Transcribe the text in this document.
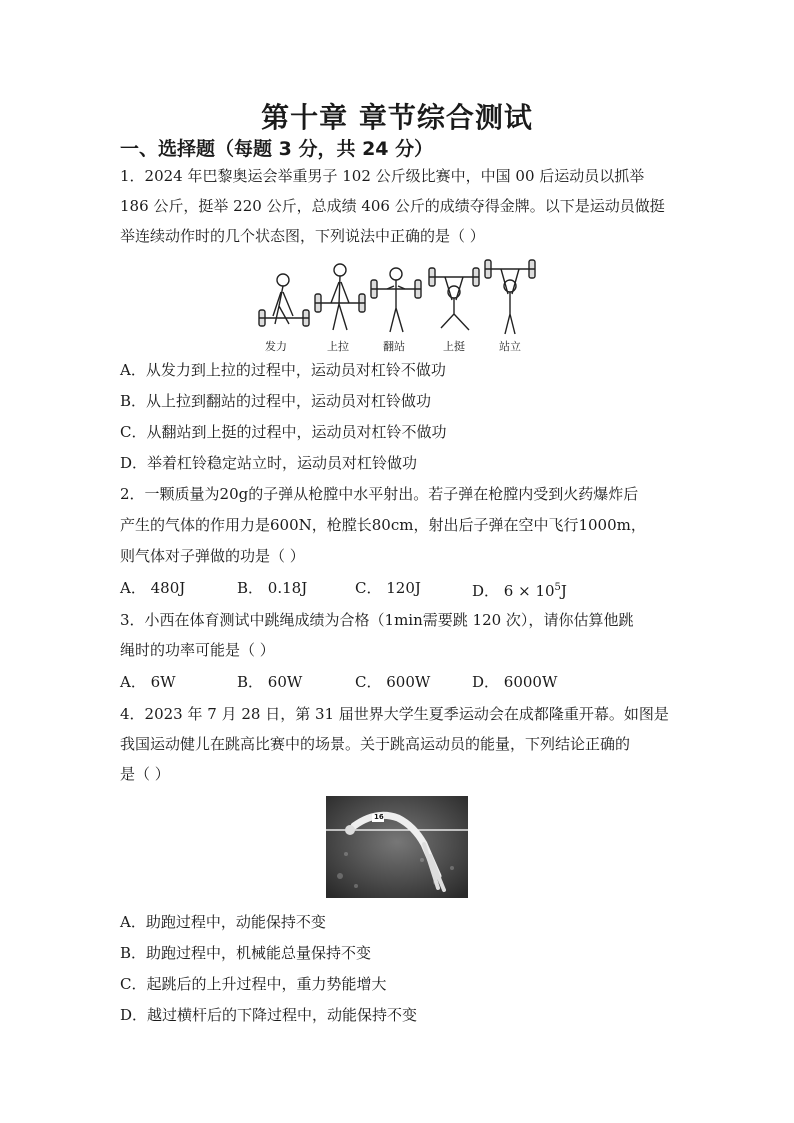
第十章 章节综合测试
一、选择题（每题 3 分，共 24 分）
1．2024 年巴黎奥运会举重男子 102 公斤级比赛中，中国 00 后运动员以抓举
186 公斤，挺举 220 公斤，总成绩 406 公斤的成绩夺得金牌。以下是运动员做挺
举连续动作时的几个状态图，下列说法中正确的是（ ）
发力	上拉	翻站	上挺	站立
A．从发力到上拉的过程中，运动员对杠铃不做功
B．从上拉到翻站的过程中，运动员对杠铃做功
C．从翻站到上挺的过程中，运动员对杠铃不做功
D．举着杠铃稳定站立时，运动员对杠铃做功
2．一颗质量为20g的子弹从枪膛中水平射出。若子弹在枪膛内受到火药爆炸后
产生的气体的作用力是600N，枪膛长80cm，射出后子弹在空中飞行1000m，
则气体对子弹做的功是（ ）
A． 480J	B． 0.18J	C． 120J	D． $6 \times 10^5J$
3．小西在体育测试中跳绳成绩为合格（1min需要跳 120 次），请你估算他跳
绳时的功率可能是（ ）
A． 6W	B． 60W	C． 600W	D． 6000W
4．2023 年 7 月 28 日，第 31 届世界大学生夏季运动会在成都隆重开幕。如图是
我国运动健儿在跳高比赛中的场景。关于跳高运动员的能量，下列结论正确的
是（ ）
16
A．助跑过程中，动能保持不变
B．助跑过程中，机械能总量保持不变
C．起跳后的上升过程中，重力势能增大
D．越过横杆后的下降过程中，动能保持不变
